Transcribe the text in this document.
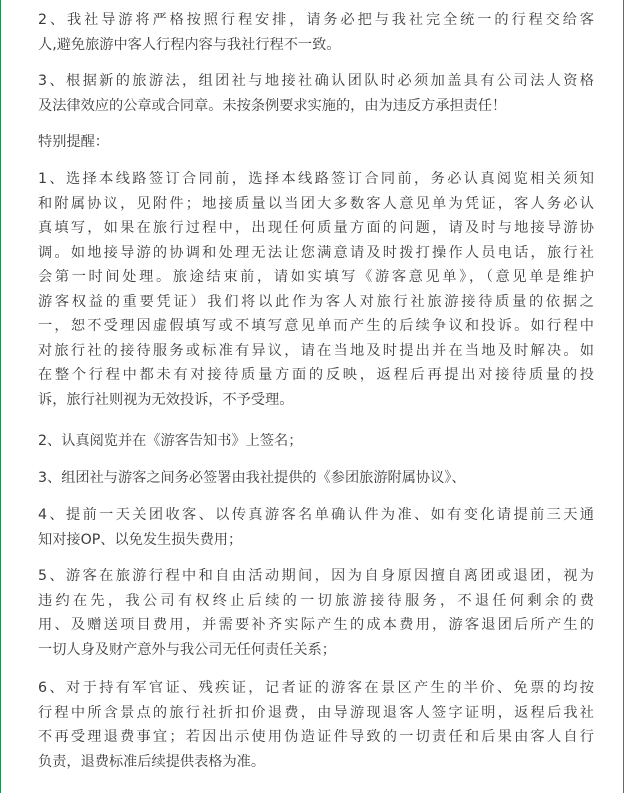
2、我社导游将严格按照行程安排，请务必把与我社完全统一的行程交给客
人,避免旅游中客人行程内容与我社行程不一致。
3、根据新的旅游法，组团社与地接社确认团队时必须加盖具有公司法人资格
及法律效应的公章或合同章。未按条例要求实施的，由为违反方承担责任！
特别提醒：
1、选择本线路签订合同前，选择本线路签订合同前，务必认真阅览相关须知
和附属协议，见附件；地接质量以当团大多数客人意见单为凭证，客人务必认
真填写，如果在旅行过程中，出现任何质量方面的问题，请及时与地接导游协
调。如地接导游的协调和处理无法让您满意请及时拨打操作人员电话，旅行社
会第一时间处理。旅途结束前，请如实填写《游客意见单》，（意见单是维护
游客权益的重要凭证）我们将以此作为客人对旅行社旅游接待质量的依据之
一，恕不受理因虚假填写或不填写意见单而产生的后续争议和投诉。如行程中
对旅行社的接待服务或标准有异议，请在当地及时提出并在当地及时解决。如
在整个行程中都未有对接待质量方面的反映，返程后再提出对接待质量的投
诉，旅行社则视为无效投诉，不予受理。
2、认真阅览并在《游客告知书》上签名；
3、组团社与游客之间务必签署由我社提供的《参团旅游附属协议》、
4、提前一天关团收客、以传真游客名单确认件为准、如有变化请提前三天通
知对接OP、以免发生损失费用；
5、游客在旅游行程中和自由活动期间，因为自身原因擅自离团或退团，视为
违约在先，我公司有权终止后续的一切旅游接待服务，不退任何剩余的费
用、及赠送项目费用，并需要补齐实际产生的成本费用，游客退团后所产生的
一切人身及财产意外与我公司无任何责任关系；
6、对于持有军官证、残疾证，记者证的游客在景区产生的半价、免票的均按
行程中所含景点的旅行社折扣价退费，由导游现退客人签字证明，返程后我社
不再受理退费事宜；若因出示使用伪造证件导致的一切责任和后果由客人自行
负责，退费标准后续提供表格为准。
